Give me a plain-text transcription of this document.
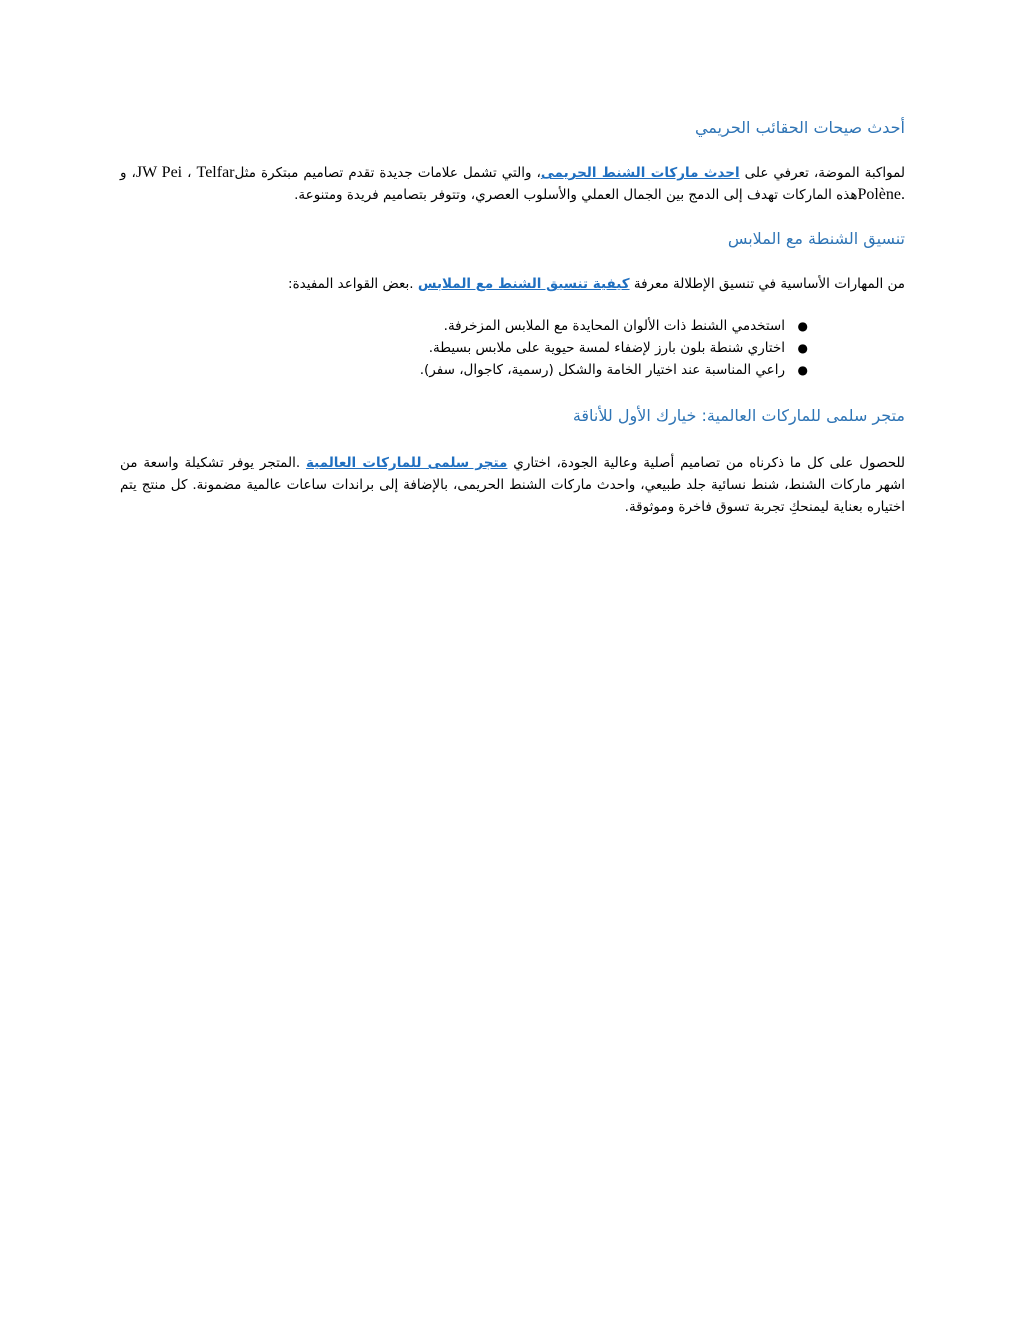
أحدث صيحات الحقائب الحريمي

لمواكبة الموضة، تعرفي على احدث ماركات الشنط الحريمى، والتي تشمل علامات جديدة تقدم تصاميم مبتكرة مثلTelfar ، JW Pei، و Polène.هذه الماركات تهدف إلى الدمج بين الجمال العملي والأسلوب العصري، وتتوفر بتصاميم فريدة ومتنوعة.

تنسيق الشنطة مع الملابس

من المهارات الأساسية في تنسيق الإطلالة معرفة كيفية تنسيق الشنط مع الملابس .بعض القواعد المفيدة:

●
استخدمي الشنط ذات الألوان المحايدة مع الملابس المزخرفة.
●
اختاري شنطة بلون بارز لإضفاء لمسة حيوية على ملابس بسيطة.
●
راعي المناسبة عند اختيار الخامة والشكل (رسمية، كاجوال، سفر).
متجر سلمى للماركات العالمية: خيارك الأول للأناقة

للحصول على كل ما ذكرناه من تصاميم أصلية وعالية الجودة، اختاري متجر سلمى للماركات العالمية .المتجر يوفر تشكيلة واسعة من اشهر ماركات الشنط، شنط نسائية جلد طبيعي، واحدث ماركات الشنط الحريمى، بالإضافة إلى براندات ساعات عالمية مضمونة. كل منتج يتم اختياره بعناية ليمنحكِ تجربة تسوق فاخرة وموثوقة.
